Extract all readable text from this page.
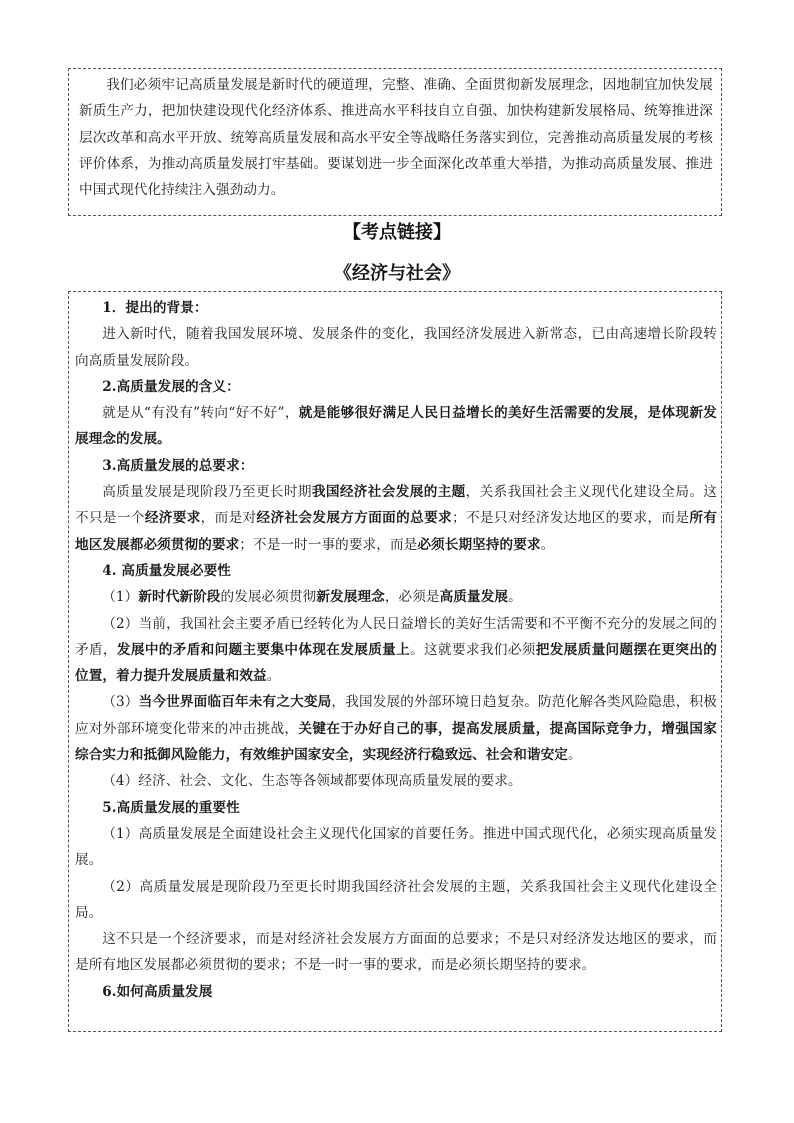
我们必须牢记高质量发展是新时代的硬道理，完整、准确、全面贯彻新发展理念，因地制宜加快发展新质生产力，把加快建设现代化经济体系、推进高水平科技自立自强、加快构建新发展格局、统筹推进深层次改革和高水平开放、统筹高质量发展和高水平安全等战略任务落实到位，完善推动高质量发展的考核评价体系，为推动高质量发展打牢基础。要谋划进一步全面深化改革重大举措，为推动高质量发展、推进中国式现代化持续注入强劲动力。

【考点链接】
《经济与社会》

1．提出的背景：

进入新时代，随着我国发展环境、发展条件的变化，我国经济发展进入新常态，已由高速增长阶段转向高质量发展阶段。

2.高质量发展的含义：

就是从“有没有”转向“好不好”，就是能够很好满足人民日益增长的美好生活需要的发展，是体现新发展理念的发展。

3.高质量发展的总要求：

高质量发展是现阶段乃至更长时期我国经济社会发展的主题，关系我国社会主义现代化建设全局。这不只是一个经济要求，而是对经济社会发展方方面面的总要求；不是只对经济发达地区的要求，而是所有地区发展都必须贯彻的要求；不是一时一事的要求，而是必须长期坚持的要求。

4. 高质量发展必要性

（1）新时代新阶段的发展必须贯彻新发展理念，必须是高质量发展。

（2）当前，我国社会主要矛盾已经转化为人民日益增长的美好生活需要和不平衡不充分的发展之间的矛盾，发展中的矛盾和问题主要集中体现在发展质量上。这就要求我们必须把发展质量问题摆在更突出的位置，着力提升发展质量和效益。

（3）当今世界面临百年未有之大变局，我国发展的外部环境日趋复杂。防范化解各类风险隐患，积极应对外部环境变化带来的冲击挑战，关键在于办好自己的事，提高发展质量，提高国际竞争力，增强国家综合实力和抵御风险能力，有效维护国家安全，实现经济行稳致远、社会和谐安定。

（4）经济、社会、文化、生态等各领域都要体现高质量发展的要求。

5.高质量发展的重要性

（1）高质量发展是全面建设社会主义现代化国家的首要任务。推进中国式现代化，必须实现高质量发展。

（2）高质量发展是现阶段乃至更长时期我国经济社会发展的主题，关系我国社会主义现代化建设全局。

这不只是一个经济要求，而是对经济社会发展方方面面的总要求；不是只对经济发达地区的要求，而是所有地区发展都必须贯彻的要求；不是一时一事的要求，而是必须长期坚持的要求。

6.如何高质量发展
